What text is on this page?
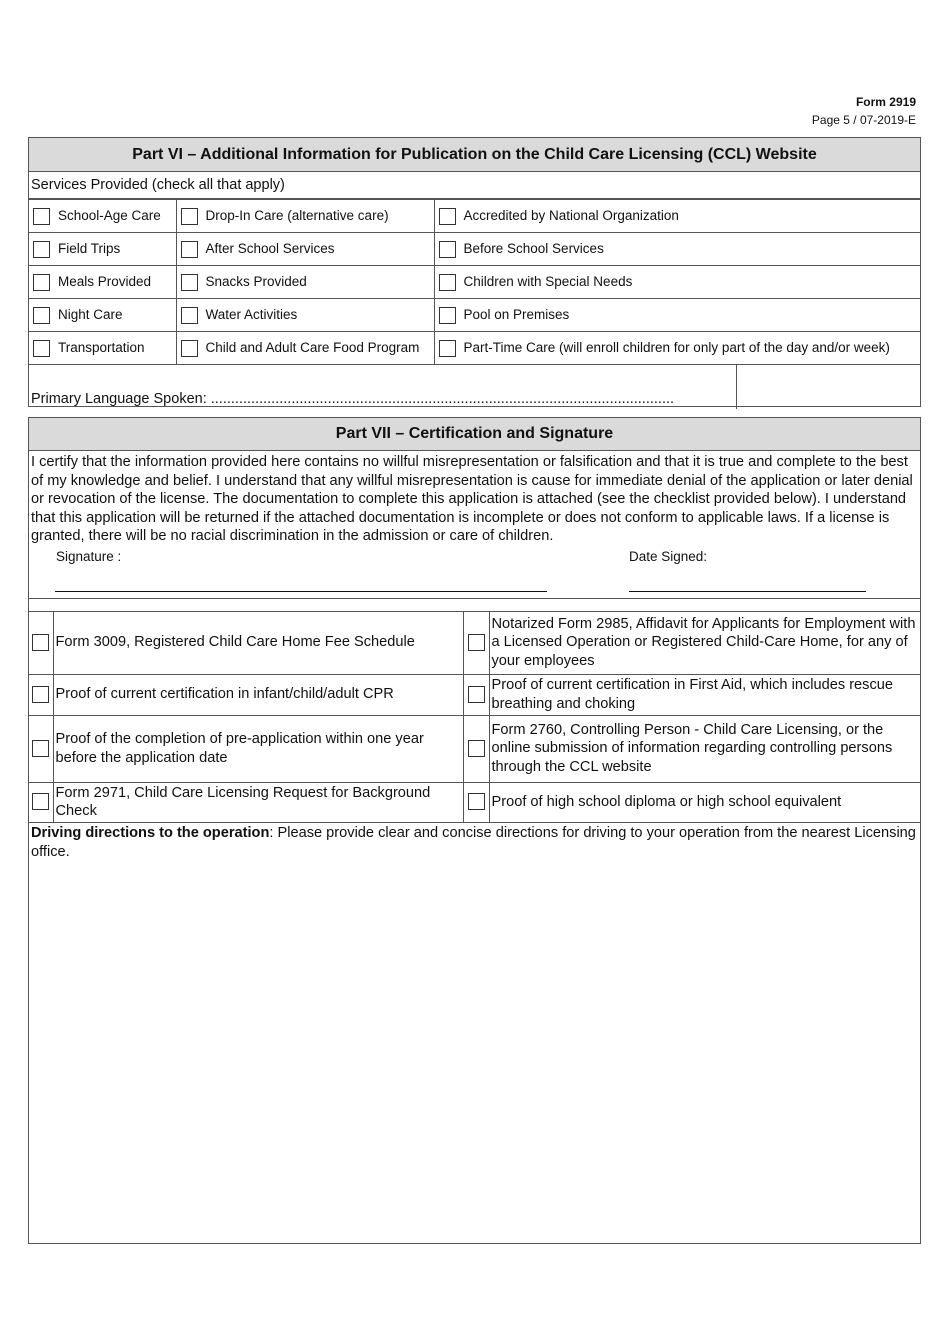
Form 2919
Page 5 / 07-2019-E
Part VI – Additional Information for Publication on the Child Care Licensing (CCL) Website
Services Provided (check all that apply)
School-Age Care	Drop-In Care (alternative care)	Accredited by National Organization
Field Trips	After School Services	Before School Services
Meals Provided	Snacks Provided	Children with Special Needs
Night Care	Water Activities	Pool on Premises
Transportation	Child and Adult Care Food Program	Part-Time Care (will enroll children for only part of the day and/or week)
Primary Language Spoken: ...................................................................................................................
Part VII – Certification and Signature
I certify that the information provided here contains no willful misrepresentation or falsification and that it is true and complete to the best of my knowledge and belief. I understand that any willful misrepresentation is cause for immediate denial of the application or later denial or revocation of the license. The documentation to complete this application is attached (see the checklist provided below). I understand that this application will be returned if the attached documentation is incomplete or does not conform to applicable laws. If a license is granted, there will be no racial discrimination in the admission or care of children.
Signature :	Date Signed:
	Form 3009, Registered Child Care Home Fee Schedule		Notarized Form 2985, Affidavit for Applicants for Employment with a Licensed Operation or Registered Child-Care Home, for any of your employees
	Proof of current certification in infant/child/adult CPR		Proof of current certification in First Aid, which includes rescue breathing and choking
	Proof of the completion of pre-application within one year before the application date		Form 2760, Controlling Person - Child Care Licensing, or the online submission of information regarding controlling persons through the CCL website
	Form 2971, Child Care Licensing Request for Background Check		Proof of high school diploma or high school equivalent
Driving directions to the operation: Please provide clear and concise directions for driving to your operation from the nearest Licensing office.
